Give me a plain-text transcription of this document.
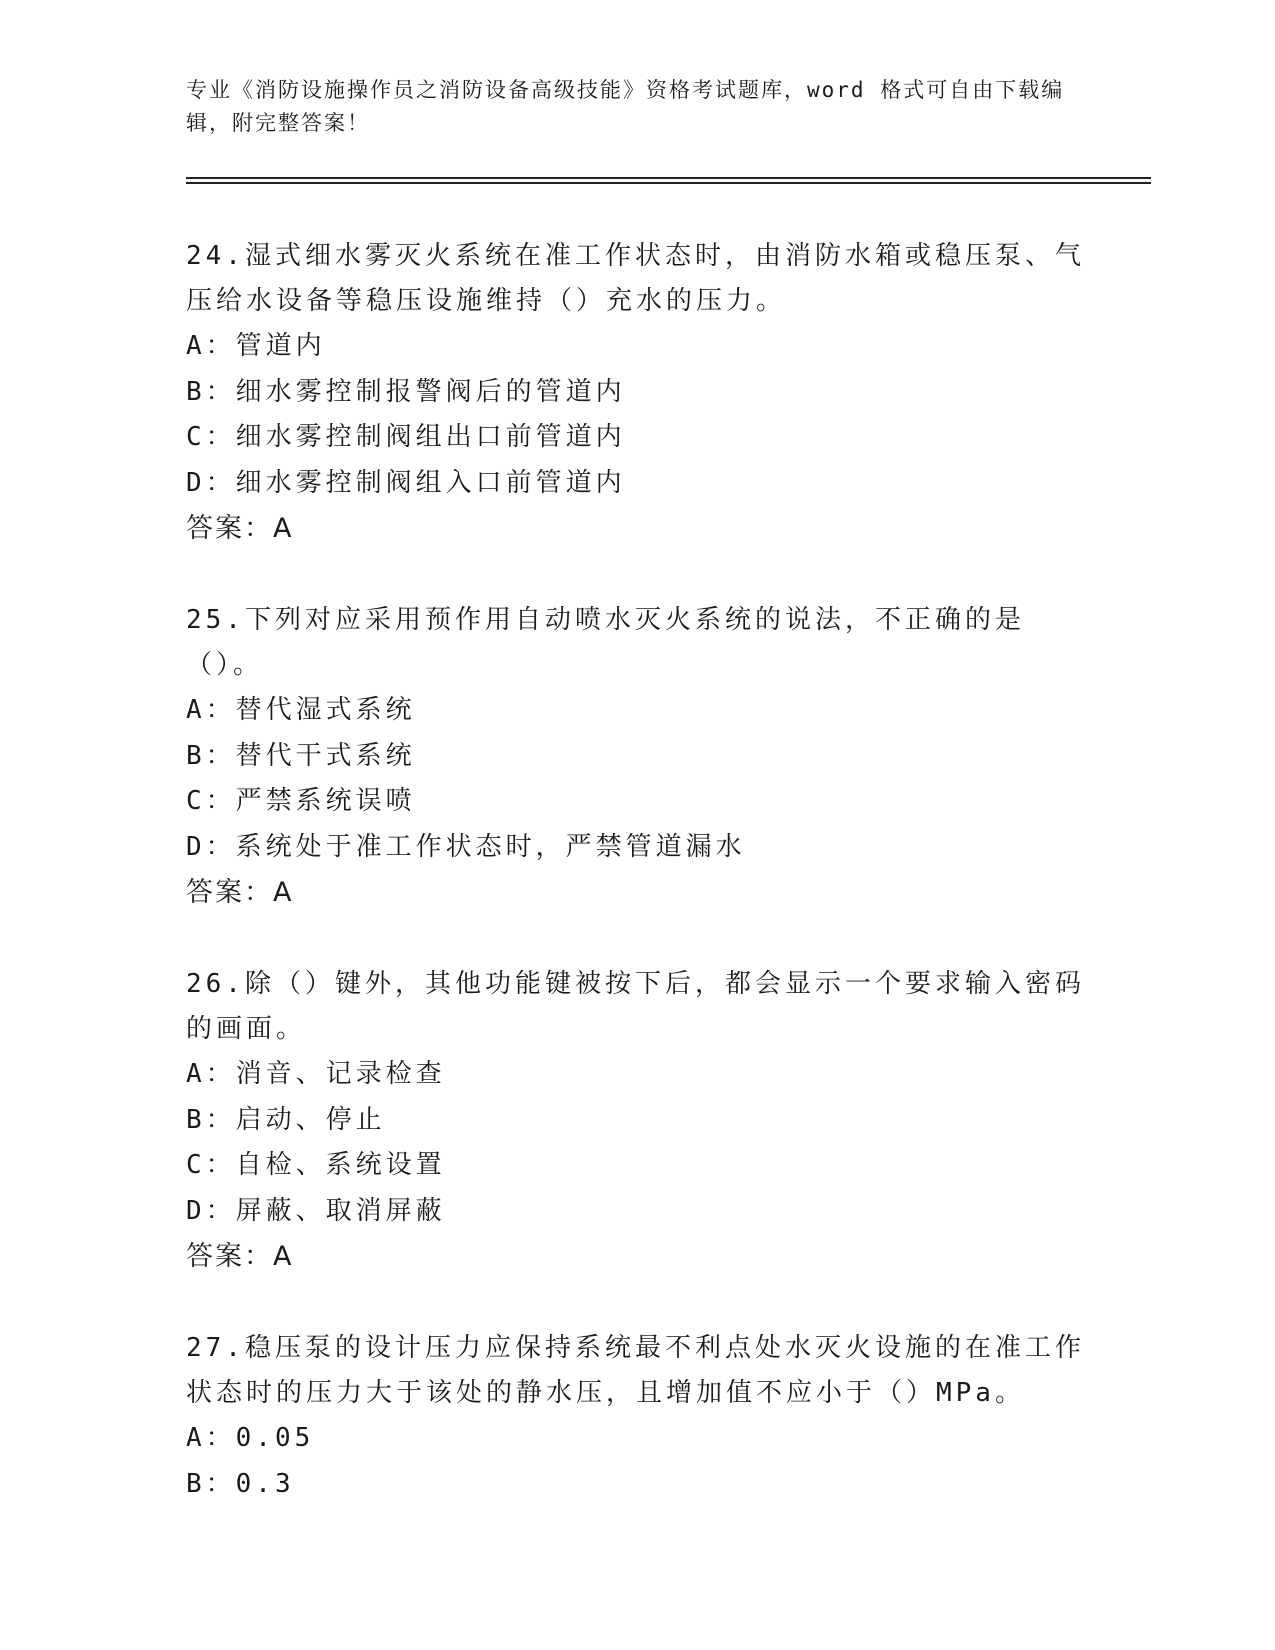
专业《消防设施操作员之消防设备高级技能》资格考试题库，word 格式可自由下载编辑，附完整答案！
24.湿式细水雾灭火系统在准工作状态时，由消防水箱或稳压泵、气压给水设备等稳压设施维持（）充水的压力。
A：管道内
B：细水雾控制报警阀后的管道内
C：细水雾控制阀组出口前管道内
D：细水雾控制阀组入口前管道内
答案：A
25.下列对应采用预作用自动喷水灭火系统的说法，不正确的是（）。
A：替代湿式系统
B：替代干式系统
C：严禁系统误喷
D：系统处于准工作状态时，严禁管道漏水
答案：A
26.除（）键外，其他功能键被按下后，都会显示一个要求输入密码的画面。
A：消音、记录检查
B：启动、停止
C：自检、系统设置
D：屏蔽、取消屏蔽
答案：A
27.稳压泵的设计压力应保持系统最不利点处水灭火设施的在准工作状态时的压力大于该处的静水压，且增加值不应小于（）MPa。
A：0.05
B：0.3
